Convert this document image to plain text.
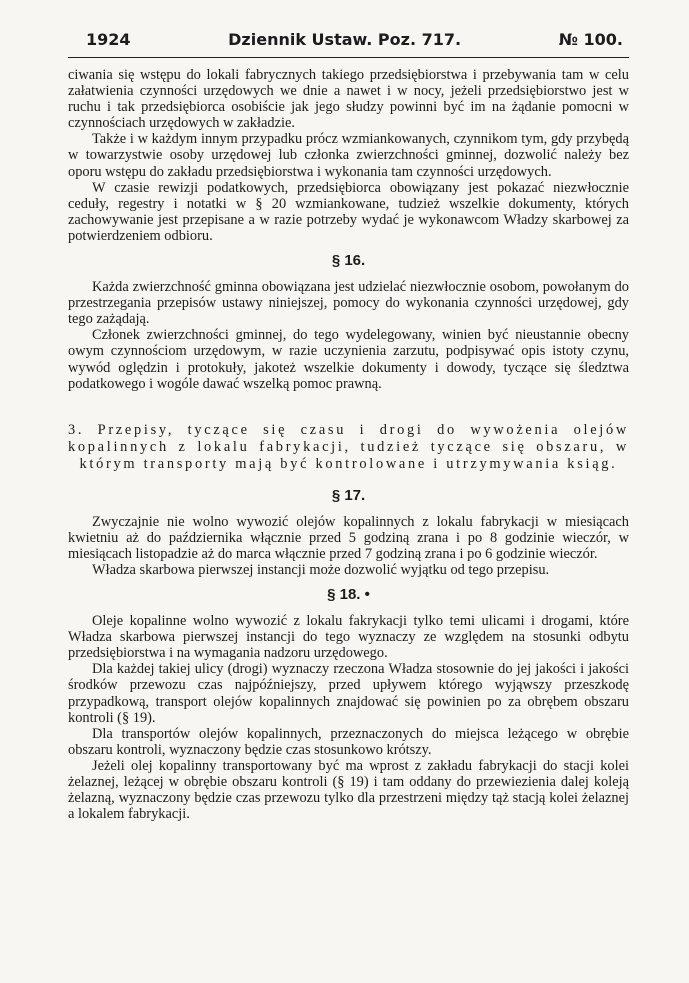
1924	Dziennik Ustaw. Poz. 717.	№ 100.

ciwania się wstępu do lokali fabrycznych takiego przedsiębiorstwa i przebywania tam w celu załatwienia czynności urzędowych we dnie a nawet i w nocy, jeżeli przedsiębiorstwo jest w ruchu i tak przedsiębiorca osobiście jak jego słudzy powinni być im na żądanie pomocni w czynnościach urzędowych w zakładzie.

Także i w każdym innym przypadku prócz wzmiankowanych, czynnikom tym, gdy przybędą w towarzystwie osoby urzędowej lub członka zwierzchności gminnej, dozwolić należy bez oporu wstępu do zakładu przedsiębiorstwa i wykonania tam czynności urzędowych.

W czasie rewizji podatkowych, przedsiębiorca obowiązany jest pokazać niezwłocznie ceduły, regestry i notatki w § 20 wzmiankowane, tudzież wszelkie dokumenty, których zachowywanie jest przepisane a w razie potrzeby wydać je wykonawcom Władzy skarbowej za potwierdzeniem odbioru.

§ 16.

Każda zwierzchność gminna obowiązana jest udzielać niezwłocznie osobom, powołanym do przestrzegania przepisów ustawy niniejszej, pomocy do wykonania czynności urzędowej, gdy tego zażądają.

Członek zwierzchności gminnej, do tego wydelegowany, winien być nieustannie obecny owym czynnościom urzędowym, w razie uczynienia zarzutu, podpisywać opis istoty czynu, wywód oględzin i protokuły, jakoteż wszelkie dokumenty i dowody, tyczące się śledztwa podatkowego i wogóle dawać wszelką pomoc prawną.

3. Przepisy, tyczące się czasu i drogi do wywożenia olejów kopalinnych z lokalu fabrykacji, tudzież tyczące się obszaru, w którym transporty mają być kontrolowane i utrzymywania ksiąg.
§ 17.

Zwyczajnie nie wolno wywozić olejów kopalinnych z lokalu fabrykacji w miesiącach kwietniu aż do października włącznie przed 5 godziną zrana i po 8 godzinie wieczór, w miesiącach listopadzie aż do marca włącznie przed 7 godziną zrana i po 6 godzinie wieczór.

Władza skarbowa pierwszej instancji może dozwolić wyjątku od tego przepisu.

§ 18. •

Oleje kopalinne wolno wywozić z lokalu fakrykacji tylko temi ulicami i drogami, które Władza skarbowa pierwszej instancji do tego wyznaczy ze względem na stosunki odbytu przedsiębiorstwa i na wymagania nadzoru urzędowego.

Dla każdej takiej ulicy (drogi) wyznaczy rzeczona Władza stosownie do jej jakości i jakości środków przewozu czas najpóźniejszy, przed upływem którego wyjąwszy przeszkodę przypadkową, transport olejów kopalinnych znajdować się powinien po za obrębem obszaru kontroli (§ 19).

Dla transportów olejów kopalinnych, przeznaczonych do miejsca leżącego w obrębie obszaru kontroli, wyznaczony będzie czas stosunkowo krótszy.

Jeżeli olej kopalinny transportowany być ma wprost z zakładu fabrykacji do stacji kolei żelaznej, leżącej w obrębie obszaru kontroli (§ 19) i tam oddany do przewiezienia dalej koleją żelazną, wyznaczony będzie czas przewozu tylko dla przestrzeni między tąż stacją kolei żelaznej a lokalem fabrykacji.
